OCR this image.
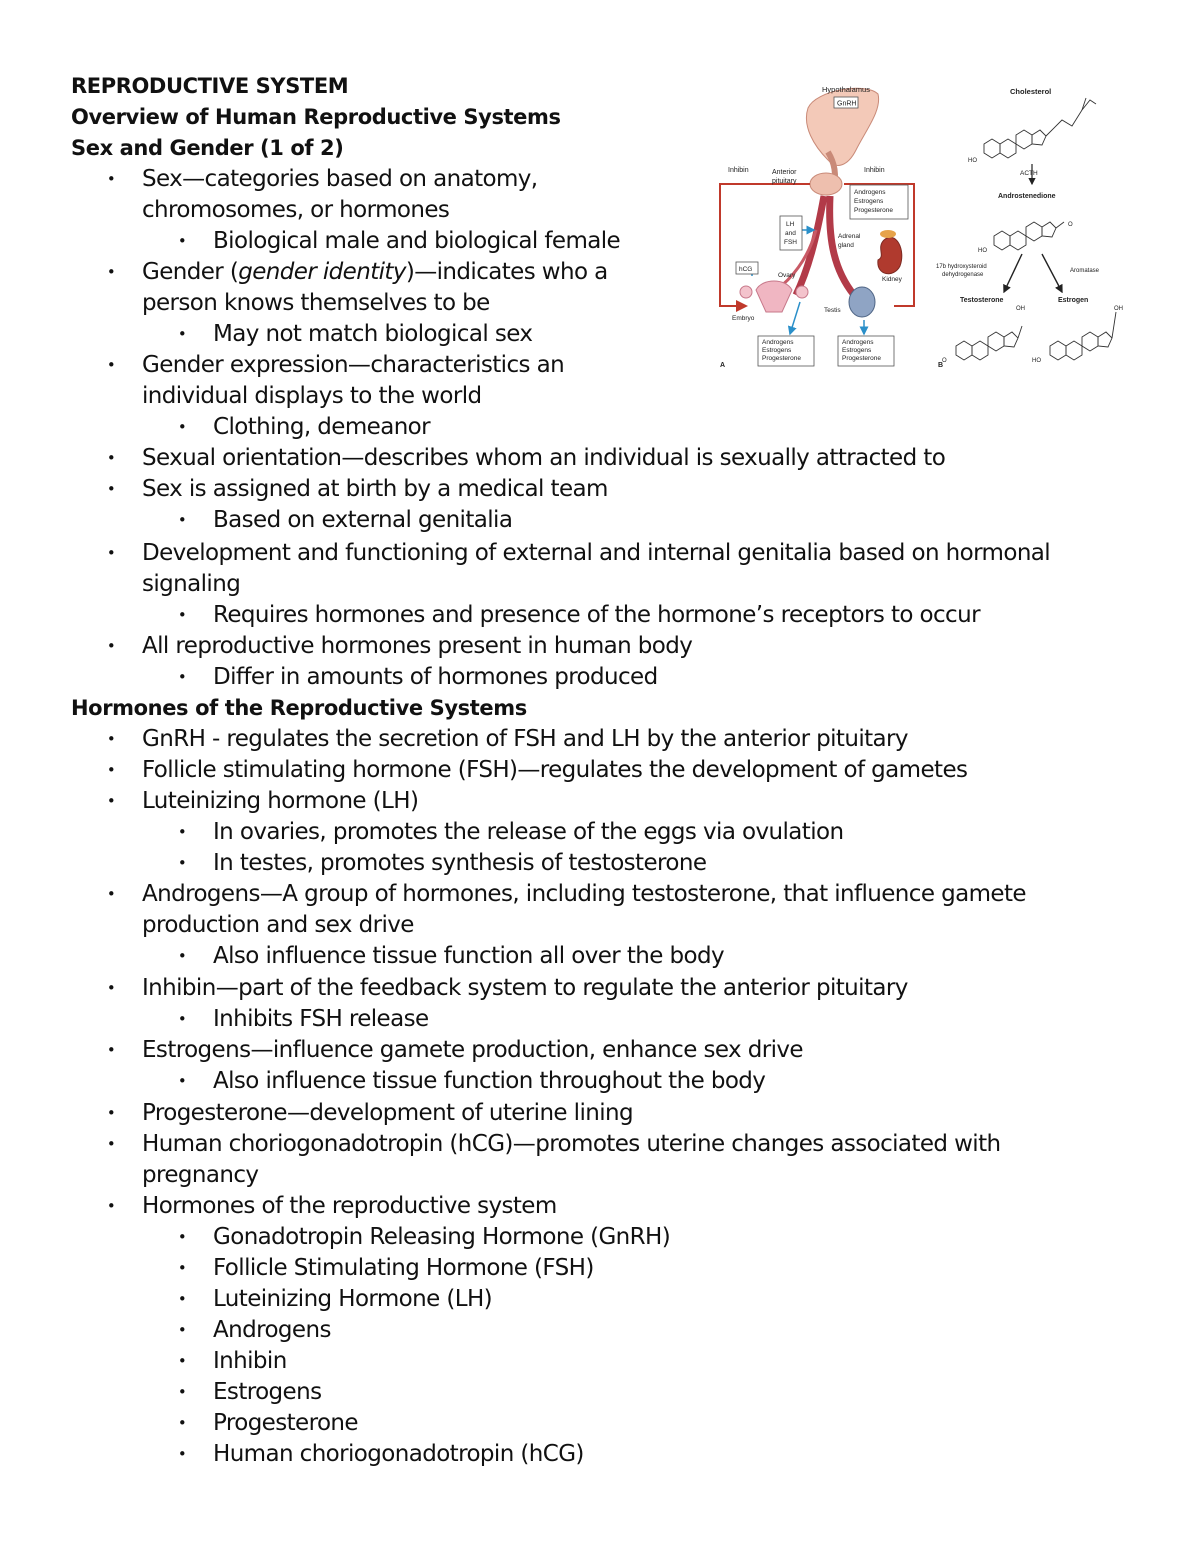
REPRODUCTIVE SYSTEM
Overview of Human Reproductive Systems
Sex and Gender (1 of 2)
• Sex—categories based on anatomy,
chromosomes, or hormones
• Biological male and biological female
• Gender (gender identity)—indicates who a
person knows themselves to be
• May not match biological sex
• Gender expression—characteristics an
individual displays to the world
• Clothing, demeanor
• Sexual orientation—describes whom an individual is sexually attracted to
• Sex is assigned at birth by a medical team
• Based on external genitalia
• Development and functioning of external and internal genitalia based on hormonal
signaling
• Requires hormones and presence of the hormone’s receptors to occur
• All reproductive hormones present in human body
• Differ in amounts of hormones produced
Hormones of the Reproductive Systems
• GnRH - regulates the secretion of FSH and LH by the anterior pituitary
• Follicle stimulating hormone (FSH)—regulates the development of gametes
• Luteinizing hormone (LH)
• In ovaries, promotes the release of the eggs via ovulation
• In testes, promotes synthesis of testosterone
• Androgens—A group of hormones, including testosterone, that influence gamete
production and sex drive
• Also influence tissue function all over the body
• Inhibin—part of the feedback system to regulate the anterior pituitary
• Inhibits FSH release
• Estrogens—influence gamete production, enhance sex drive
• Also influence tissue function throughout the body
• Progesterone—development of uterine lining
• Human choriogonadotropin (hCG)—promotes uterine changes associated with
pregnancy
• Hormones of the reproductive system
• Gonadotropin Releasing Hormone (GnRH)
• Follicle Stimulating Hormone (FSH)
• Luteinizing Hormone (LH)
• Androgens
• Inhibin
• Estrogens
• Progesterone
• Human choriogonadotropin (hCG)
Hypothalamus
GnRH
Inhibin	Inhibin
Anterior
pituitary
Androgens
Estrogens
Progesterone
LH
and
FSH
Adrenal
gland
Kidney
hCG
Ovary
Testis
Embryo
Androgens
Estrogens
Progesterone
Androgens
Estrogens
Progesterone
A
Cholesterol
HO
ACTH
Androstenedione
O
HO
17b hydroxysteroid
dehydrogenase
Aromatase
Testosterone	Estrogen
OH
O
OH
HO
B
